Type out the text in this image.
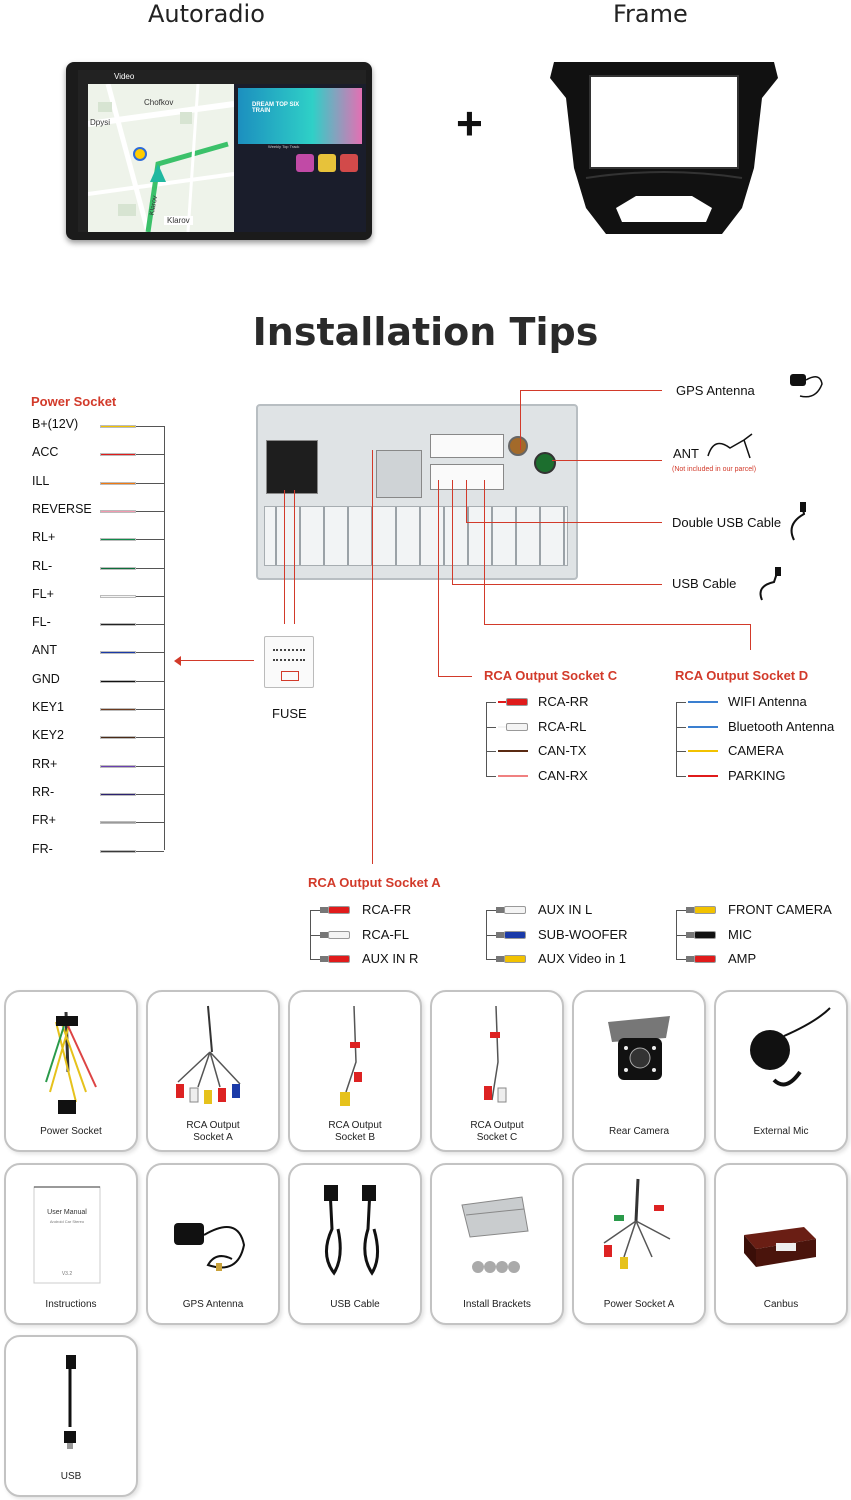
Autoradio	Frame
Video
Chofkov
Dpysi
Klarov
Klarov
Weekly Top Track
DREAM TOP SIX TRAIN	+
Installation Tips
Power Socket
B+(12V)
ACC
ILL
REVERSE
RL+
RL-
FL+
FL-
ANT
GND
KEY1
KEY2
RR+
RR-
FR+
FR-
FUSE
GPS Antenna
ANT
(Not included in our parcel)
Double USB Cable
USB Cable
RCA Output Socket C
RCA-RR
RCA-RL
CAN-TX
CAN-RX
RCA Output Socket D
WIFI Antenna
Bluetooth Antenna
CAMERA
PARKING
RCA Output Socket A
RCA-FR
RCA-FL
AUX IN R
AUX IN L
SUB-WOOFER
AUX Video in 1
FRONT CAMERA
MIC
AMP
Power Socket
RCA Output
Socket A
RCA Output
Socket B
RCA Output
Socket C
Rear Camera	External Mic
Instructions
User Manual
Android Car Stereo
V3.2
GPS Antenna	USB Cable	Install Brackets	Power Socket A	Canbus
USB
